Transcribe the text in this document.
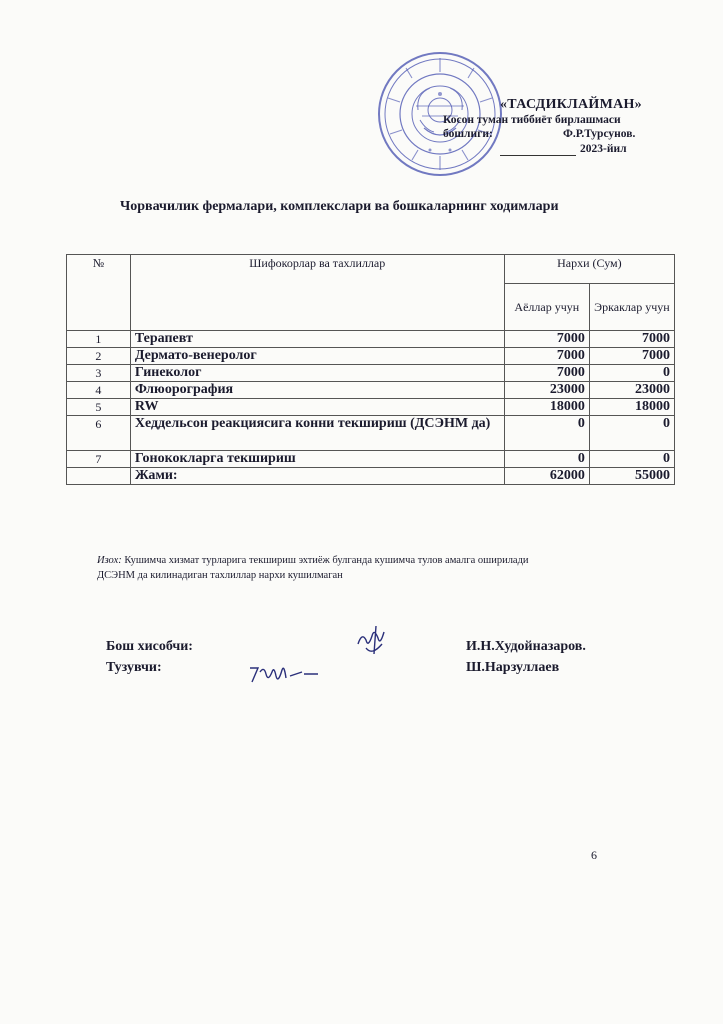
«ТАСДИКЛАЙМАН»
Косон туман тиббиёт бирлашмаси
бошлиги:	Ф.Р.Турсунов.
2023-йил
Чорвачилик фермалари, комплекслари ва бошкаларнинг ходимлари
№	Шифокорлар ва тахлиллар	Нархи (Сум)	
		Аёллар учун	Эркаклар учун
1	Терапевт	7000	7000
2	Дермато-венеролог	7000	7000
3	Гинеколог	7000	0
4	Флюорография	23000	23000
5	RW	18000	18000
6	Хеддельсон реакциясига конни текшириш (ДСЭНМ да)	0	0
7	Гонококларга текшириш	0	0
	Жами:	62000	55000
Изох: Кушимча хизмат турларига текшириш эхтиёж булганда кушимча тулов амалга оширилади
ДСЭНМ да килинадиган тахлиллар нархи кушилмаган
Бош хисобчи:	И.Н.Худойназаров.
Тузувчи:	Ш.Нарзуллаев
6
